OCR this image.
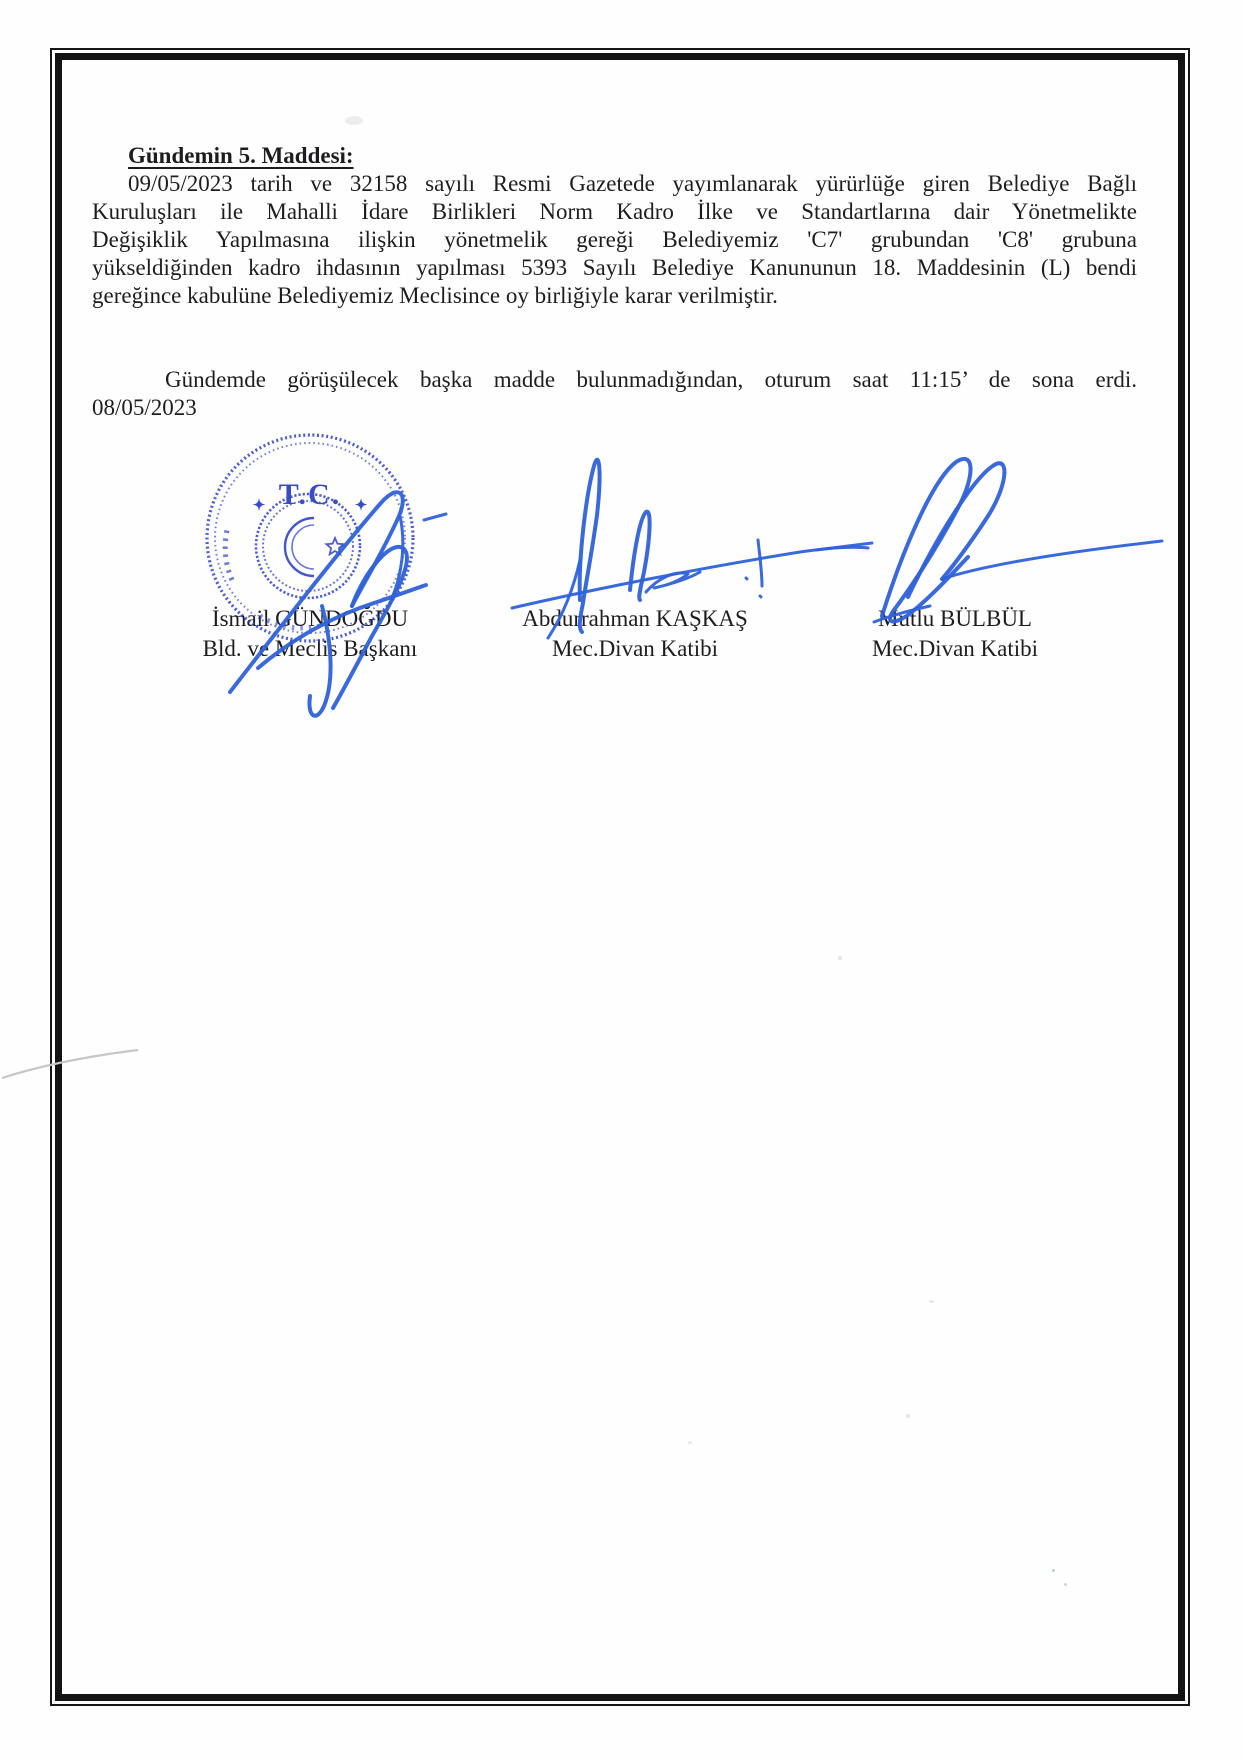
Gündemin 5. Maddesi:
09/05/2023 tarih ve 32158 sayılı Resmi Gazetede yayımlanarak yürürlüğe giren Belediye Bağlı
Kuruluşları ile Mahalli İdare Birlikleri Norm Kadro İlke ve Standartlarına dair Yönetmelikte
Değişiklik Yapılmasına ilişkin yönetmelik gereği Belediyemiz 'C7' grubundan 'C8' grubuna
yükseldiğinden kadro ihdasının yapılması 5393 Sayılı Belediye Kanununun 18. Maddesinin (L) bendi
gereğince kabulüne Belediyemiz Meclisince oy birliğiyle karar verilmiştir.
Gündemde görüşülecek başka madde bulunmadığından, oturum saat 11:15’ de sona erdi.
08/05/2023
T.C.
✦	✦
İsmail GÜNDOĞDU
Bld. ve Meclis Başkanı
Abdurrahman KAŞKAŞ
Mec.Divan Katibi
Mutlu BÜLBÜL
Mec.Divan Katibi
